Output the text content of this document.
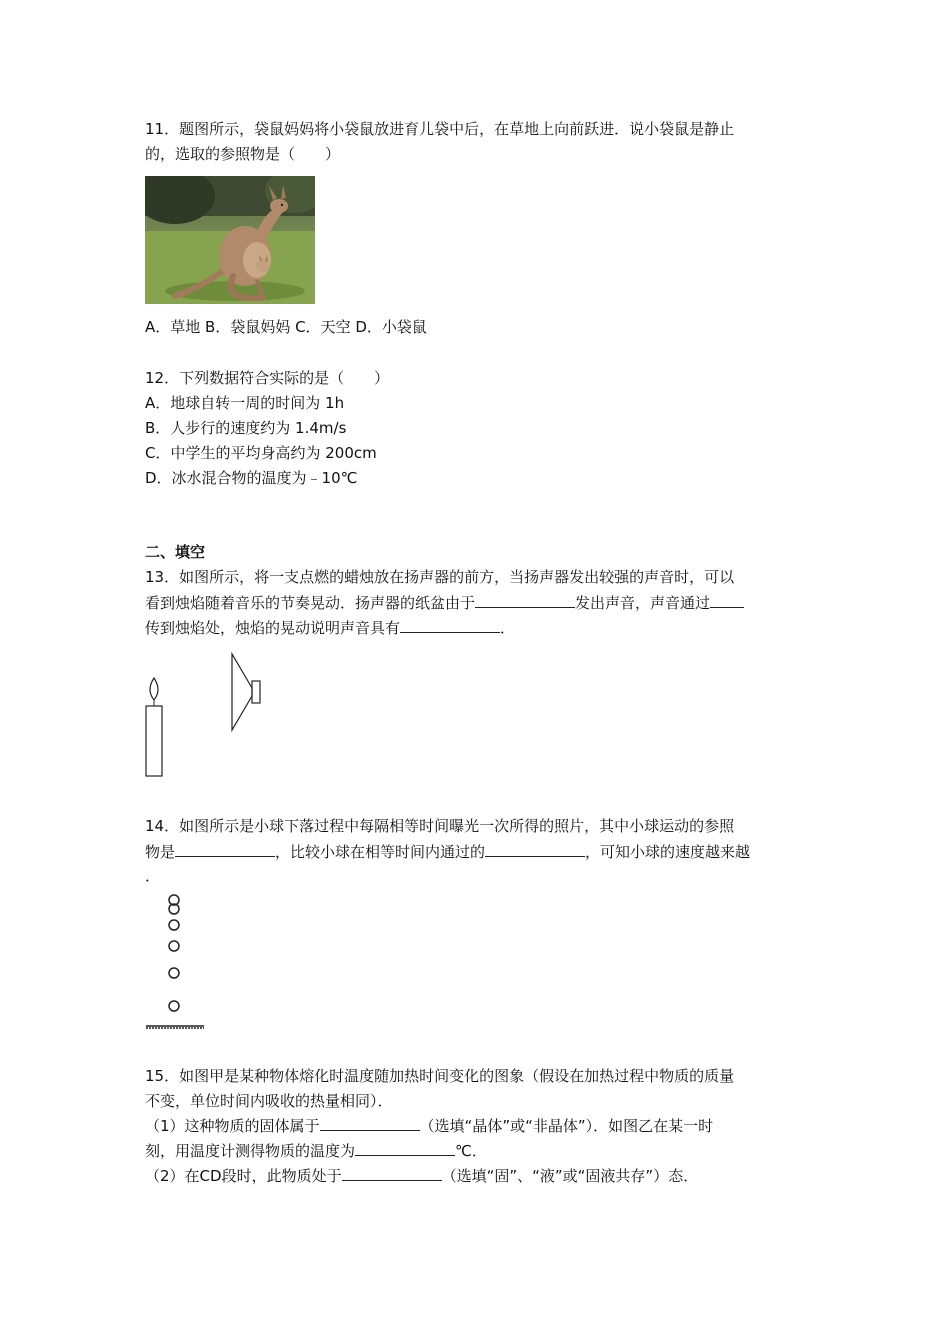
11．题图所示，袋鼠妈妈将小袋鼠放进育儿袋中后，在草地上向前跃进．说小袋鼠是静止
的，选取的参照物是（　　）
A．草地 B．袋鼠妈妈 C．天空 D．小袋鼠
12．下列数据符合实际的是（　　）
A．地球自转一周的时间为 1h
B．人步行的速度约为 1.4m/s
C．中学生的平均身高约为 200cm
D．冰水混合物的温度为﹣10℃
二、填空
13．如图所示，将一支点燃的蜡烛放在扬声器的前方，当扬声器发出较强的声音时，可以
看到烛焰随着音乐的节奏晃动．扬声器的纸盆由于	发出声音，声音通过
传到烛焰处，烛焰的晃动说明声音具有	．
14．如图所示是小球下落过程中每隔相等时间曝光一次所得的照片，其中小球运动的参照
物是	，比较小球在相等时间内通过的	，可知小球的速度越来越
．
15．如图甲是某种物体熔化时温度随加热时间变化的图象（假设在加热过程中物质的质量
不变，单位时间内吸收的热量相同）．
（1）这种物质的固体属于	（选填“晶体”或“非晶体”）．如图乙在某一时
刻，用温度计测得物质的温度为	℃．
（2）在CD段时，此物质处于	（选填“固”、“液”或“固液共存”）态．
